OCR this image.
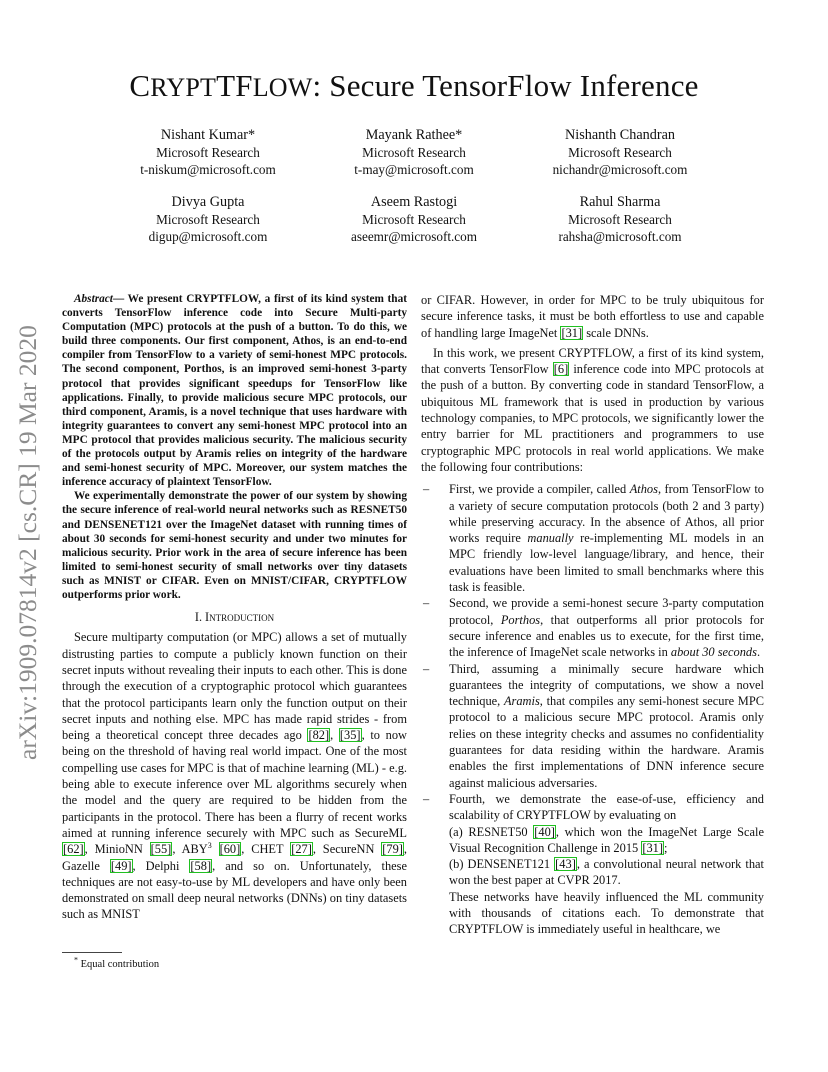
CRYPTTFLOW: Secure TensorFlow Inference
Nishant Kumar*
Microsoft Research
t-niskum@microsoft.com
Mayank Rathee*
Microsoft Research
t-may@microsoft.com
Nishanth Chandran
Microsoft Research
nichandr@microsoft.com
Divya Gupta
Microsoft Research
digup@microsoft.com
Aseem Rastogi
Microsoft Research
aseemr@microsoft.com
Rahul Sharma
Microsoft Research
rahsha@microsoft.com
arXiv:1909.07814v2 [cs.CR] 19 Mar 2020

Abstract— We present CRYPTFLOW, a first of its kind system that converts TensorFlow inference code into Secure Multi-party Computation (MPC) protocols at the push of a button. To do this, we build three components. Our first component, Athos, is an end-to-end compiler from TensorFlow to a variety of semi-honest MPC protocols. The second component, Porthos, is an improved semi-honest 3-party protocol that provides significant speedups for TensorFlow like applications. Finally, to provide malicious secure MPC protocols, our third component, Aramis, is a novel technique that uses hardware with integrity guarantees to convert any semi-honest MPC protocol into an MPC protocol that provides malicious security. The malicious security of the protocols output by Aramis relies on integrity of the hardware and semi-honest security of MPC. Moreover, our system matches the inference accuracy of plaintext TensorFlow.

We experimentally demonstrate the power of our system by showing the secure inference of real-world neural networks such as RESNET50 and DENSENET121 over the ImageNet dataset with running times of about 30 seconds for semi-honest security and under two minutes for malicious security. Prior work in the area of secure inference has been limited to semi-honest security of small networks over tiny datasets such as MNIST or CIFAR. Even on MNIST/CIFAR, CRYPTFLOW outperforms prior work.

I. Introduction

Secure multiparty computation (or MPC) allows a set of mutually distrusting parties to compute a publicly known function on their secret inputs without revealing their inputs to each other. This is done through the execution of a cryptographic protocol which guarantees that the protocol participants learn only the function output on their secret inputs and nothing else. MPC has made rapid strides - from being a theoretical concept three decades ago [82], [35], to now being on the threshold of having real world impact. One of the most compelling use cases for MPC is that of machine learning (ML) - e.g. being able to execute inference over ML algorithms securely when the model and the query are required to be hidden from the participants in the protocol. There has been a flurry of recent works aimed at running inference securely with MPC such as SecureML [62], MinioNN [55], ABY$^3$ [60], CHET [27], SecureNN [79], Gazelle [49], Delphi [58], and so on. Unfortunately, these techniques are not easy-to-use by ML developers and have only been demonstrated on small deep neural networks (DNNs) on tiny datasets such as MNIST

* Equal contribution

or CIFAR. However, in order for MPC to be truly ubiquitous for secure inference tasks, it must be both effortless to use and capable of handling large ImageNet [31] scale DNNs.

In this work, we present CRYPTFLOW, a first of its kind system, that converts TensorFlow [6] inference code into MPC protocols at the push of a button. By converting code in standard TensorFlow, a ubiquitous ML framework that is used in production by various technology companies, to MPC protocols, we significantly lower the entry barrier for ML practitioners and programmers to use cryptographic MPC protocols in real world applications. We make the following four contributions:

– First, we provide a compiler, called Athos, from TensorFlow to a variety of secure computation protocols (both 2 and 3 party) while preserving accuracy. In the absence of Athos, all prior works require manually re-implementing ML models in an MPC friendly low-level language/library, and hence, their evaluations have been limited to small benchmarks where this task is feasible.
– Second, we provide a semi-honest secure 3-party computation protocol, Porthos, that outperforms all prior protocols for secure inference and enables us to execute, for the first time, the inference of ImageNet scale networks in about 30 seconds.
– Third, assuming a minimally secure hardware which guarantees the integrity of computations, we show a novel technique, Aramis, that compiles any semi-honest secure MPC protocol to a malicious secure MPC protocol. Aramis only relies on these integrity checks and assumes no confidentiality guarantees for data residing within the hardware. Aramis enables the first implementations of DNN inference secure against malicious adversaries.
– Fourth, we demonstrate the ease-of-use, efficiency and scalability of CRYPTFLOW by evaluating on
(a) RESNET50 [40], which won the ImageNet Large Scale Visual Recognition Challenge in 2015 [31];
(b) DENSENET121 [43], a convolutional neural network that won the best paper at CVPR 2017.
These networks have heavily influenced the ML community with thousands of citations each. To demonstrate that CRYPTFLOW is immediately useful in healthcare, we
